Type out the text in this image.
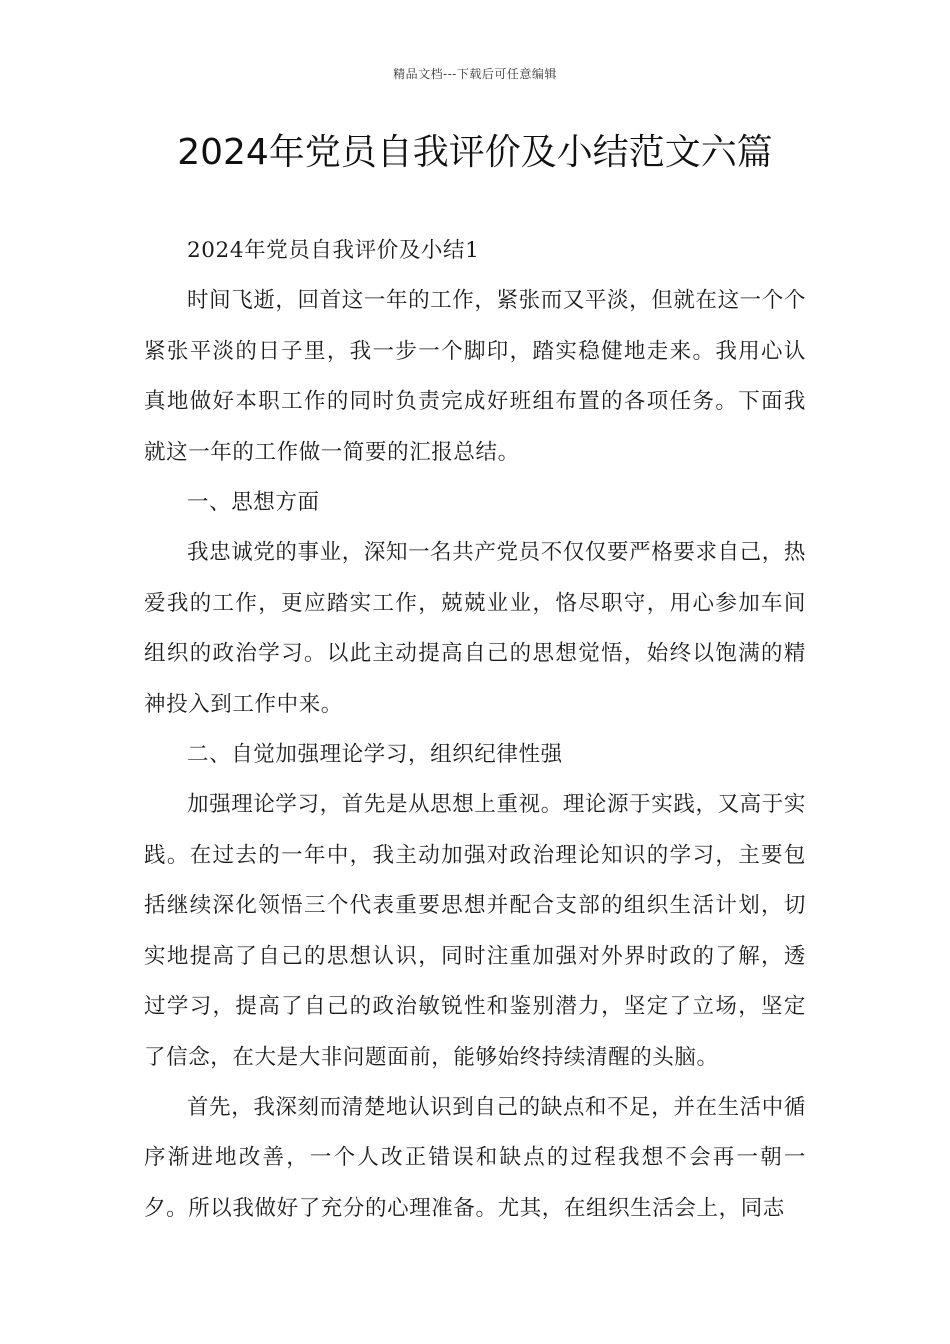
精品文档---下载后可任意编辑
2024年党员自我评价及小结范文六篇

2024年党员自我评价及小结1

时间飞逝，回首这一年的工作，紧张而又平淡，但就在这一个个紧张平淡的日子里，我一步一个脚印，踏实稳健地走来。我用心认真地做好本职工作的同时负责完成好班组布置的各项任务。下面我就这一年的工作做一简要的汇报总结。

一、思想方面

我忠诚党的事业，深知一名共产党员不仅仅要严格要求自己，热爱我的工作，更应踏实工作，兢兢业业，恪尽职守，用心参加车间组织的政治学习。以此主动提高自己的思想觉悟，始终以饱满的精神投入到工作中来。

二、自觉加强理论学习，组织纪律性强

加强理论学习，首先是从思想上重视。理论源于实践，又高于实践。在过去的一年中，我主动加强对政治理论知识的学习，主要包括继续深化领悟三个代表重要思想并配合支部的组织生活计划，切实地提高了自己的思想认识，同时注重加强对外界时政的了解，透过学习，提高了自己的政治敏锐性和鉴别潜力，坚定了立场，坚定了信念，在大是大非问题面前，能够始终持续清醒的头脑。

首先，我深刻而清楚地认识到自己的缺点和不足，并在生活中循序渐进地改善，一个人改正错误和缺点的过程我想不会再一朝一夕。所以我做好了充分的心理准备。尤其，在组织生活会上，同志
